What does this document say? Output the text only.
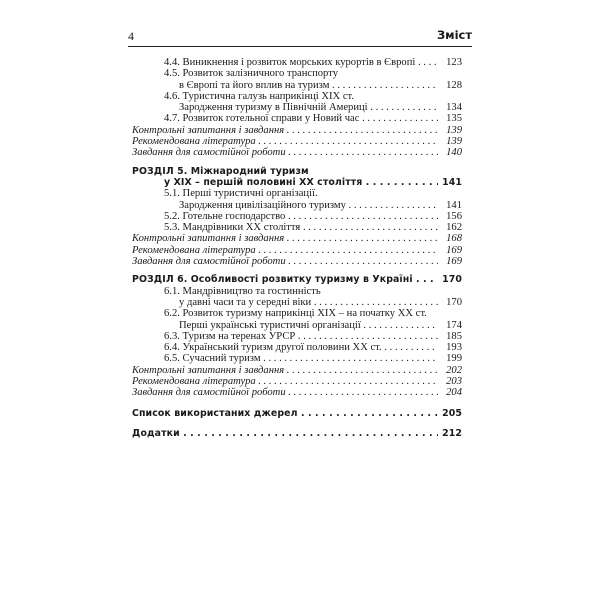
4	Зміст
4.4. Виникнення і розвиток морських курортів в Європі . . .	123
4.5. Розвиток залізничного транспорту
в Європі та його вплив на туризм . . .	128
4.6. Туристична галузь наприкінці XIX ст.
Зародження туризму в Північній Америці . . .	134
4.7. Розвиток готельної справи у Новий час . . .	135
Контрольні запитання і завдання . . .	139
Рекомендована література . . .	139
Завдання для самостійної роботи . . .	140
РОЗДІЛ 5. Міжнародний туризм
у XIX – першій половині XX століття . . .	141
5.1. Перші туристичні організації.
Зародження цивілізаційного туризму . . .	141
5.2. Готельне господарство . . .	156
5.3. Мандрівники XX століття . . .	162
Контрольні запитання і завдання . . .	168
Рекомендована література . . .	169
Завдання для самостійної роботи . . .	169
РОЗДІЛ 6. Особливості розвитку туризму в Україні . . .	170
6.1. Мандрівництво та гостинність
у давні часи та у середні віки . . .	170
6.2. Розвиток туризму наприкінці XIX – на початку XX ст.
Перші українські туристичні організації . . .	174
6.3. Туризм на теренах УРСР . . .	185
6.4. Український туризм другої половини XX ст. . . .	193
6.5. Сучасний туризм . . .	199
Контрольні запитання і завдання . . .	202
Рекомендована література . . .	203
Завдання для самостійної роботи . . .	204
Список використаних джерел . . .	205
Додатки . . .	212
